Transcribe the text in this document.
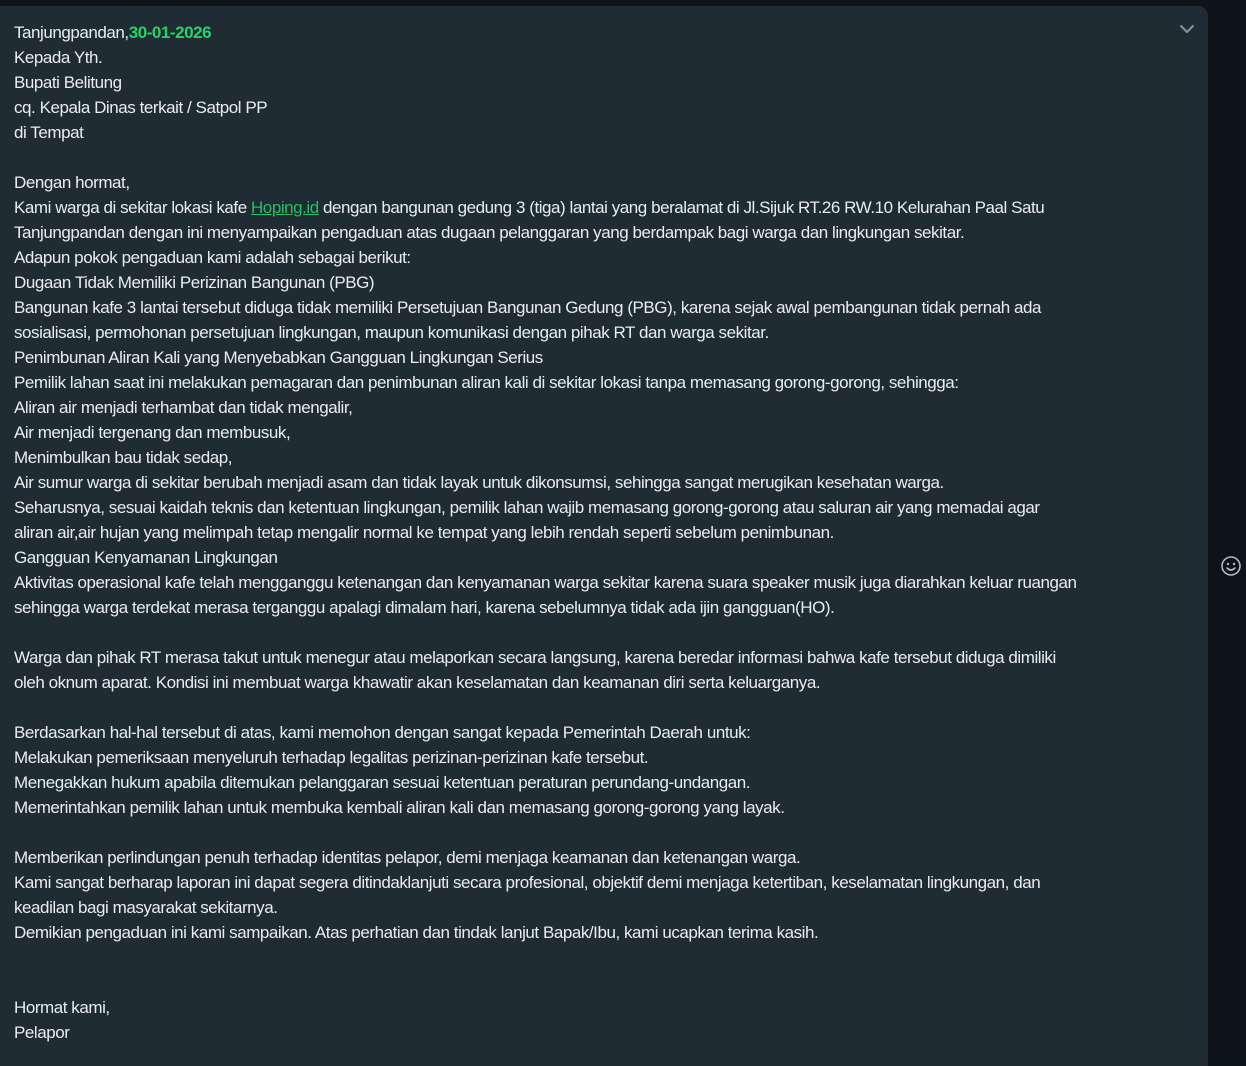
Tanjungpandan,30-01-2026
Kepada Yth.
Bupati Belitung
cq. Kepala Dinas terkait / Satpol PP
di Tempat
Dengan hormat,
Kami warga di sekitar lokasi kafe Hoping.id dengan bangunan gedung 3 (tiga) lantai yang beralamat di Jl.Sijuk RT.26 RW.10 Kelurahan Paal Satu
Tanjungpandan dengan ini menyampaikan pengaduan atas dugaan pelanggaran yang berdampak bagi warga dan lingkungan sekitar.
Adapun pokok pengaduan kami adalah sebagai berikut:
Dugaan Tidak Memiliki Perizinan Bangunan (PBG)
Bangunan kafe 3 lantai tersebut diduga tidak memiliki Persetujuan Bangunan Gedung (PBG), karena sejak awal pembangunan tidak pernah ada
sosialisasi, permohonan persetujuan lingkungan, maupun komunikasi dengan pihak RT dan warga sekitar.
Penimbunan Aliran Kali yang Menyebabkan Gangguan Lingkungan Serius
Pemilik lahan saat ini melakukan pemagaran dan penimbunan aliran kali di sekitar lokasi tanpa memasang gorong-gorong, sehingga:
Aliran air menjadi terhambat dan tidak mengalir,
Air menjadi tergenang dan membusuk,
Menimbulkan bau tidak sedap,
Air sumur warga di sekitar berubah menjadi asam dan tidak layak untuk dikonsumsi, sehingga sangat merugikan kesehatan warga.
Seharusnya, sesuai kaidah teknis dan ketentuan lingkungan, pemilik lahan wajib memasang gorong-gorong atau saluran air yang memadai agar
aliran air,air hujan yang melimpah tetap mengalir normal ke tempat yang lebih rendah seperti sebelum penimbunan.
Gangguan Kenyamanan Lingkungan
Aktivitas operasional kafe telah mengganggu ketenangan dan kenyamanan warga sekitar karena suara speaker musik juga diarahkan keluar ruangan
sehingga warga terdekat merasa terganggu apalagi dimalam hari, karena sebelumnya tidak ada ijin gangguan(HO).
Warga dan pihak RT merasa takut untuk menegur atau melaporkan secara langsung, karena beredar informasi bahwa kafe tersebut diduga dimiliki
oleh oknum aparat. Kondisi ini membuat warga khawatir akan keselamatan dan keamanan diri serta keluarganya.
Berdasarkan hal-hal tersebut di atas, kami memohon dengan sangat kepada Pemerintah Daerah untuk:
Melakukan pemeriksaan menyeluruh terhadap legalitas perizinan-perizinan kafe tersebut.
Menegakkan hukum apabila ditemukan pelanggaran sesuai ketentuan peraturan perundang-undangan.
Memerintahkan pemilik lahan untuk membuka kembali aliran kali dan memasang gorong-gorong yang layak.
Memberikan perlindungan penuh terhadap identitas pelapor, demi menjaga keamanan dan ketenangan warga.
Kami sangat berharap laporan ini dapat segera ditindaklanjuti secara profesional, objektif demi menjaga ketertiban, keselamatan lingkungan, dan
keadilan bagi masyarakat sekitarnya.
Demikian pengaduan ini kami sampaikan. Atas perhatian dan tindak lanjut Bapak/Ibu, kami ucapkan terima kasih.
Hormat kami,
Pelapor
